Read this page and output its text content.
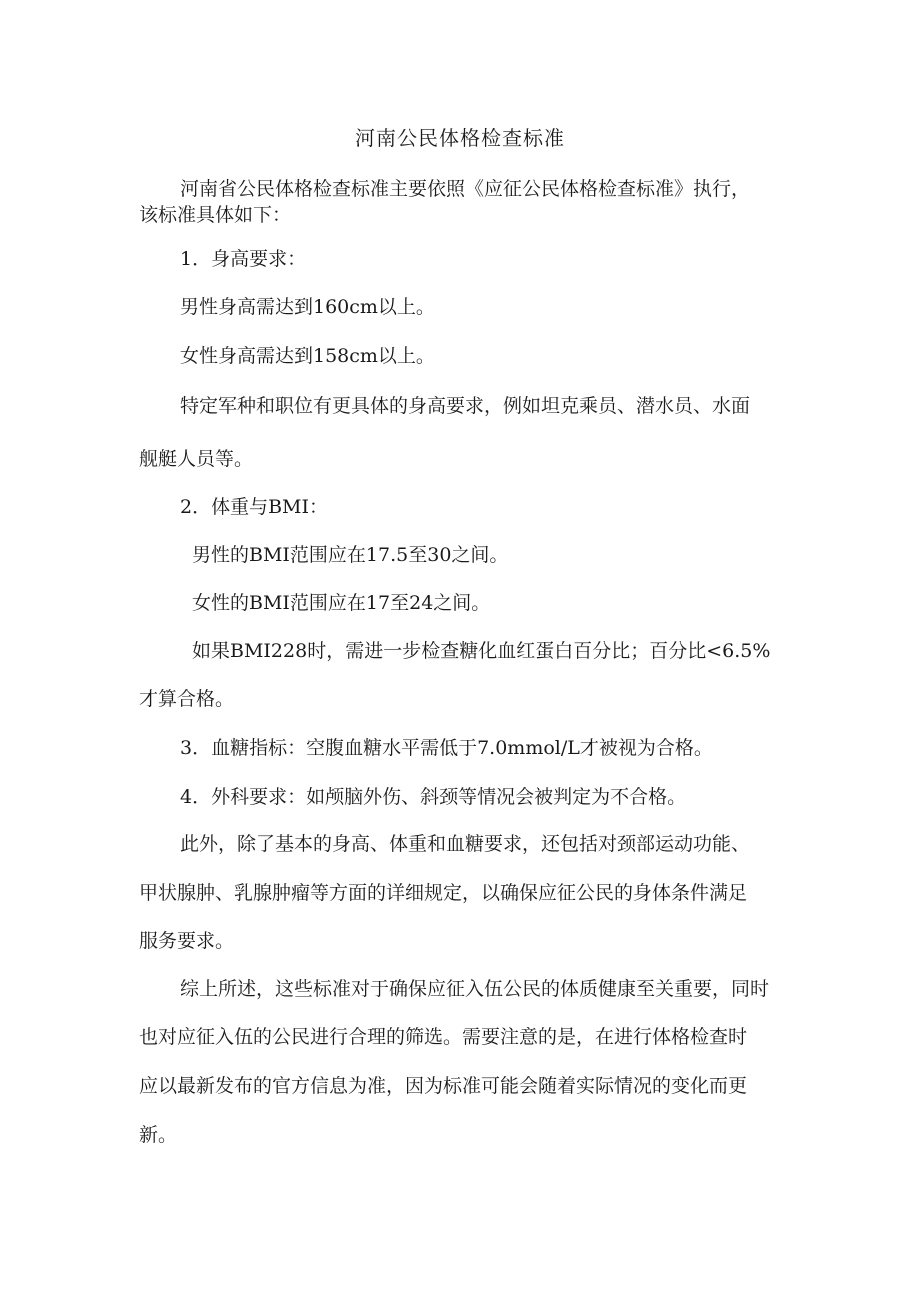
河南公民体格检查标准
河南省公民体格检查标准主要依照《应征公民体格检查标准》执行，
该标准具体如下：
1．身高要求：
男性身高需达到160cm以上。
女性身高需达到158cm以上。
特定军种和职位有更具体的身高要求，例如坦克乘员、潜水员、水面
舰艇人员等。
2．体重与BMI：
男性的BMI范围应在17.5至30之间。
女性的BMI范围应在17至24之间。
如果BMI228时，需进一步检查糖化血红蛋白百分比；百分比<6.5%
才算合格。
3．血糖指标：空腹血糖水平需低于7.0mmol/L才被视为合格。
4．外科要求：如颅脑外伤、斜颈等情况会被判定为不合格。
此外，除了基本的身高、体重和血糖要求，还包括对颈部运动功能、
甲状腺肿、乳腺肿瘤等方面的详细规定，以确保应征公民的身体条件满足
服务要求。
综上所述，这些标准对于确保应征入伍公民的体质健康至关重要，同时
也对应征入伍的公民进行合理的筛选。需要注意的是，在进行体格检查时
应以最新发布的官方信息为准，因为标准可能会随着实际情况的变化而更
新。
